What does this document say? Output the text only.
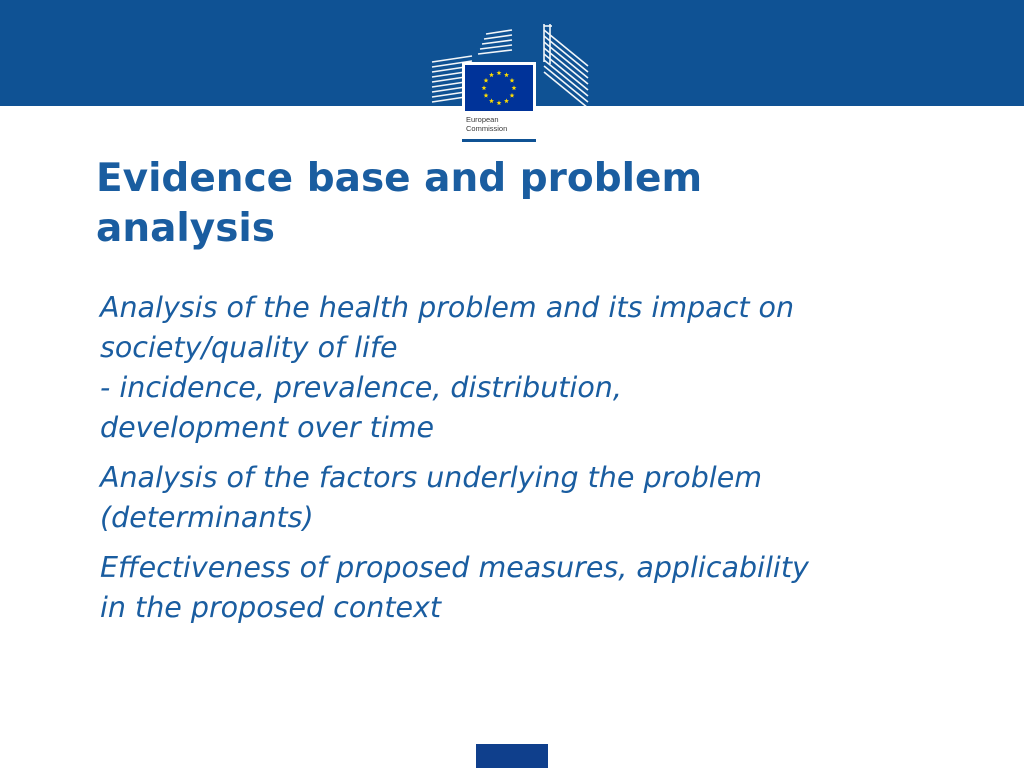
European
Commission
Evidence base and problem
analysis
Analysis of the health problem and its impact on
society/quality of life
- incidence, prevalence, distribution,
development over time
Analysis of the factors underlying the problem
(determinants)
Effectiveness of proposed measures, applicability
in the proposed context
